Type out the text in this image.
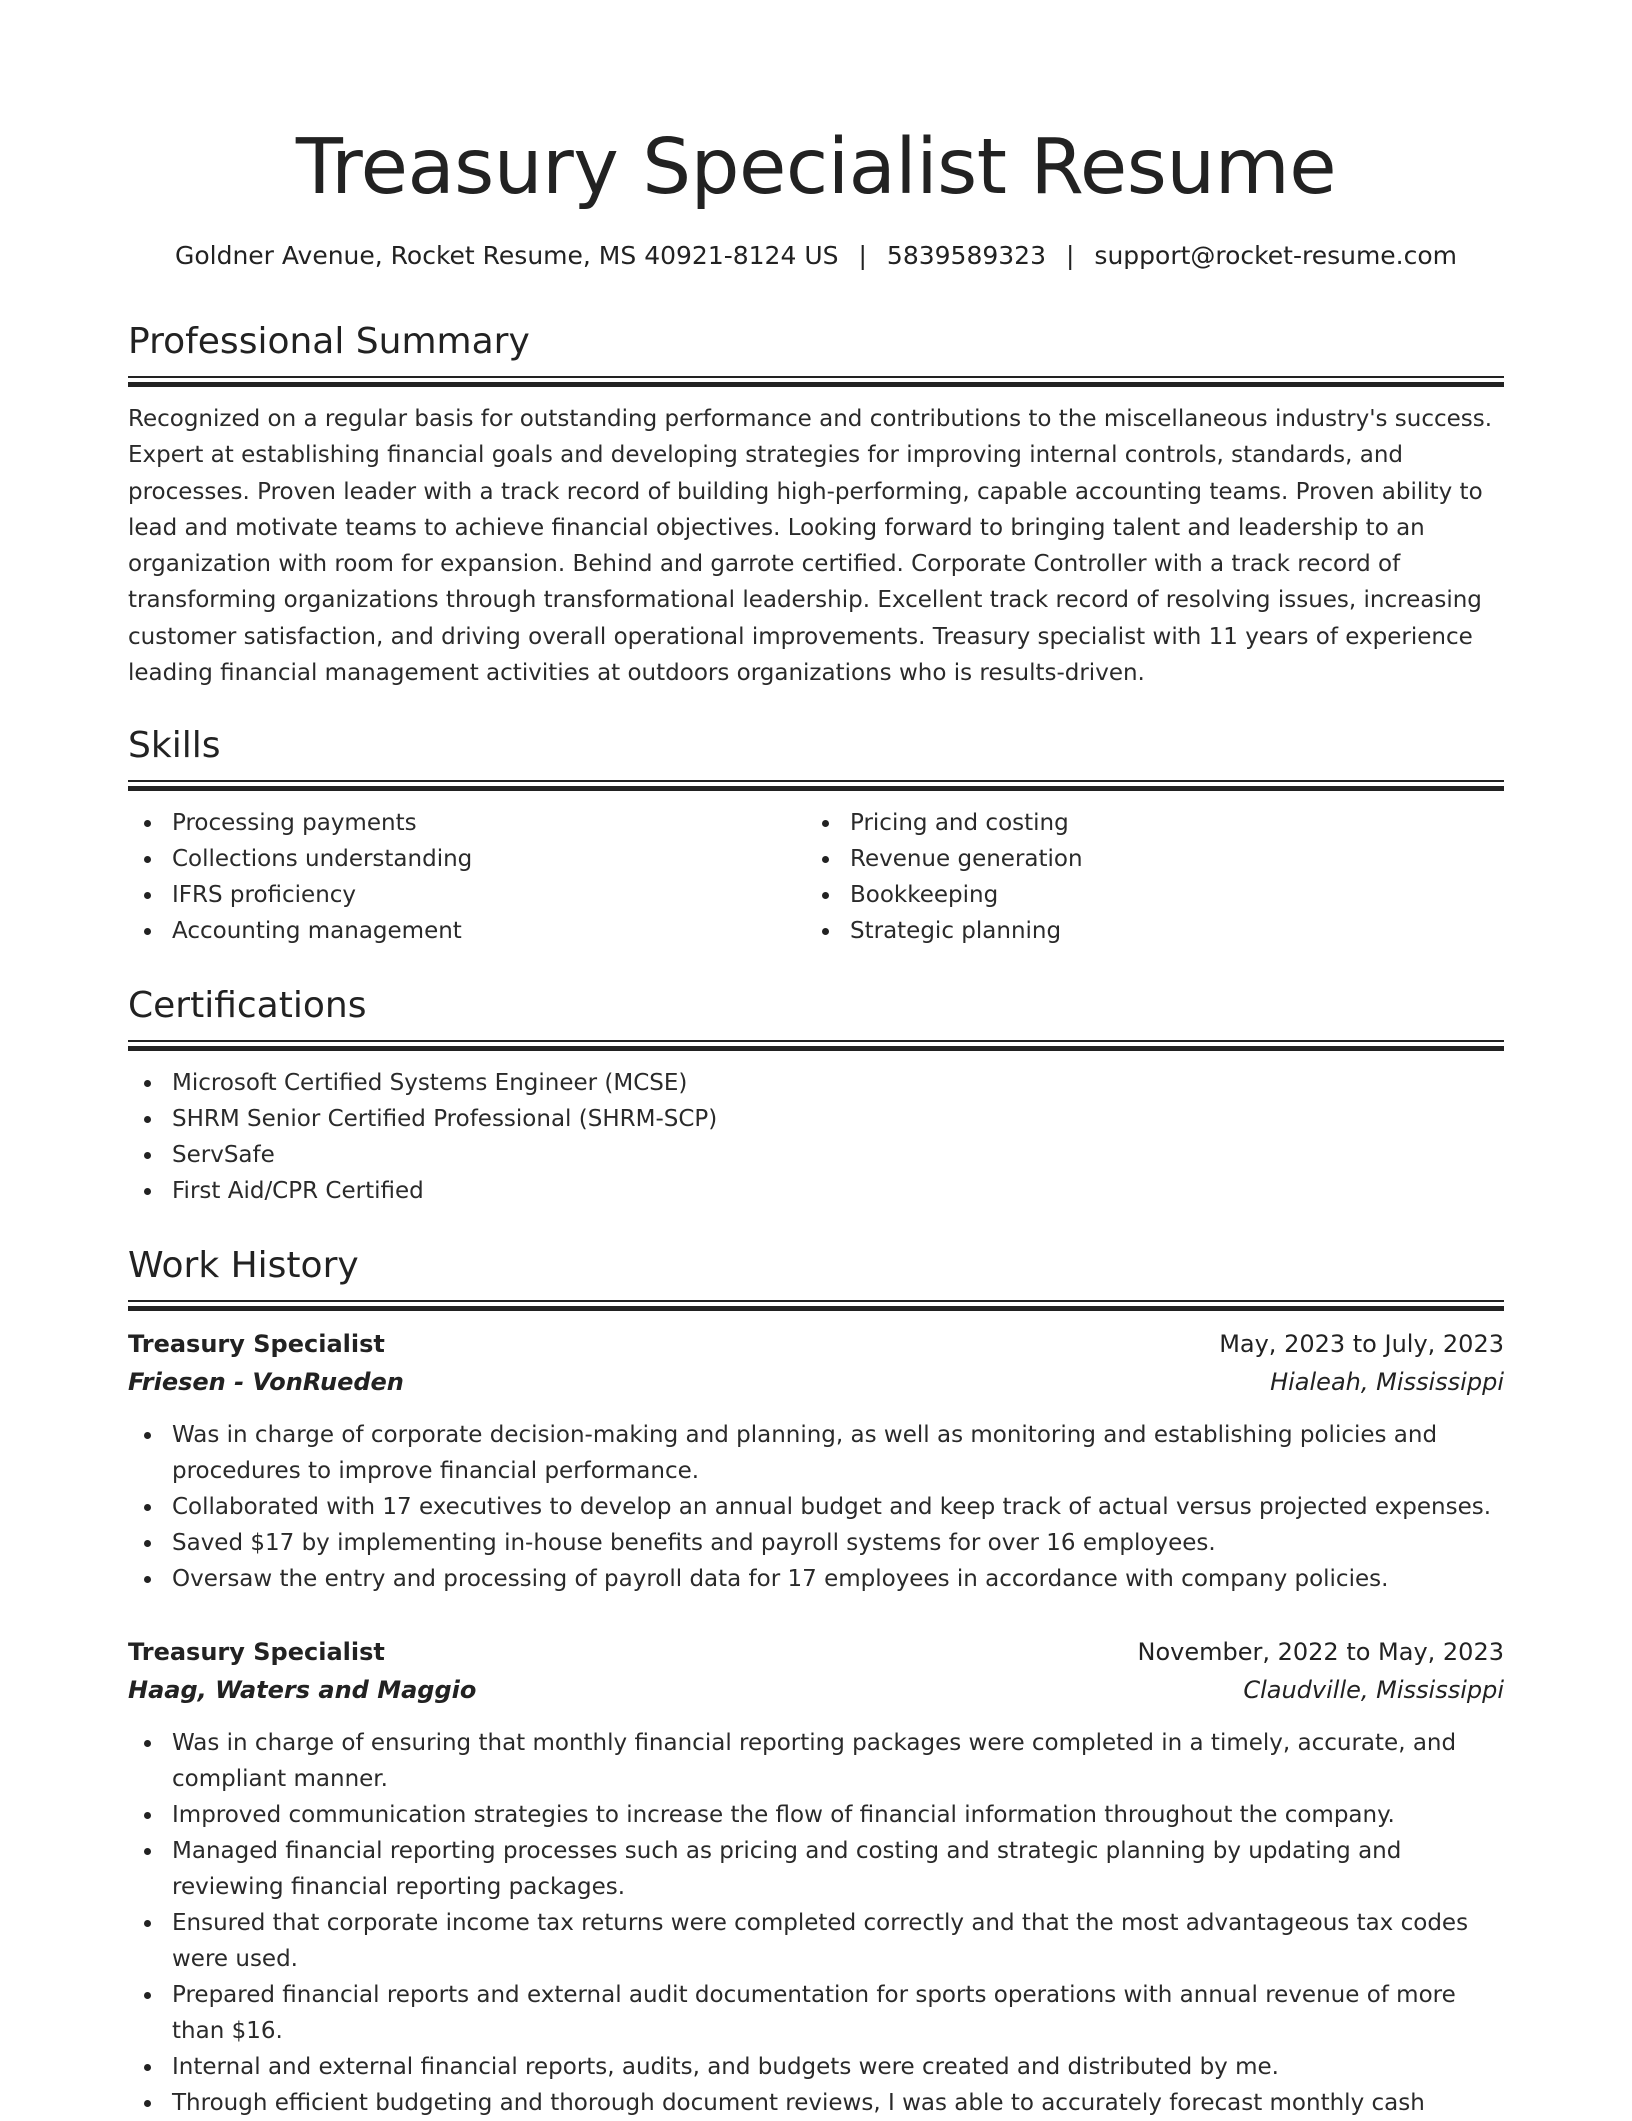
Treasury Specialist Resume
Goldner Avenue, Rocket Resume, MS 40921-8124 US | 5839589323 | support@rocket-resume.com
Professional Summary

Recognized on a regular basis for outstanding performance and contributions to the miscellaneous industry's success. Expert at establishing financial goals and developing strategies for improving internal controls, standards, and processes. Proven leader with a track record of building high-performing, capable accounting teams. Proven ability to lead and motivate teams to achieve financial objectives. Looking forward to bringing talent and leadership to an organization with room for expansion. Behind and garrote certified. Corporate Controller with a track record of transforming organizations through transformational leadership. Excellent track record of resolving issues, increasing customer satisfaction, and driving overall operational improvements. Treasury specialist with 11 years of experience leading financial management activities at outdoors organizations who is results-driven.

Skills
Processing payments
Collections understanding
IFRS proficiency
Accounting management
Pricing and costing
Revenue generation
Bookkeeping
Strategic planning
Certifications
Microsoft Certified Systems Engineer (MCSE)
SHRM Senior Certified Professional (SHRM-SCP)
ServSafe
First Aid/CPR Certified
Work History
Treasury Specialist	May, 2023 to July, 2023
Friesen - VonRueden	Hialeah, Mississippi
Was in charge of corporate decision-making and planning, as well as monitoring and establishing policies and procedures to improve financial performance.
Collaborated with 17 executives to develop an annual budget and keep track of actual versus projected expenses.
Saved $17 by implementing in-house benefits and payroll systems for over 16 employees.
Oversaw the entry and processing of payroll data for 17 employees in accordance with company policies.
Treasury Specialist	November, 2022 to May, 2023
Haag, Waters and Maggio	Claudville, Mississippi
Was in charge of ensuring that monthly financial reporting packages were completed in a timely, accurate, and compliant manner.
Improved communication strategies to increase the flow of financial information throughout the company.
Managed financial reporting processes such as pricing and costing and strategic planning by updating and reviewing financial reporting packages.
Ensured that corporate income tax returns were completed correctly and that the most advantageous tax codes were used.
Prepared financial reports and external audit documentation for sports operations with annual revenue of more than $16.
Internal and external financial reports, audits, and budgets were created and distributed by me.
Through efficient budgeting and thorough document reviews, I was able to accurately forecast monthly cash
